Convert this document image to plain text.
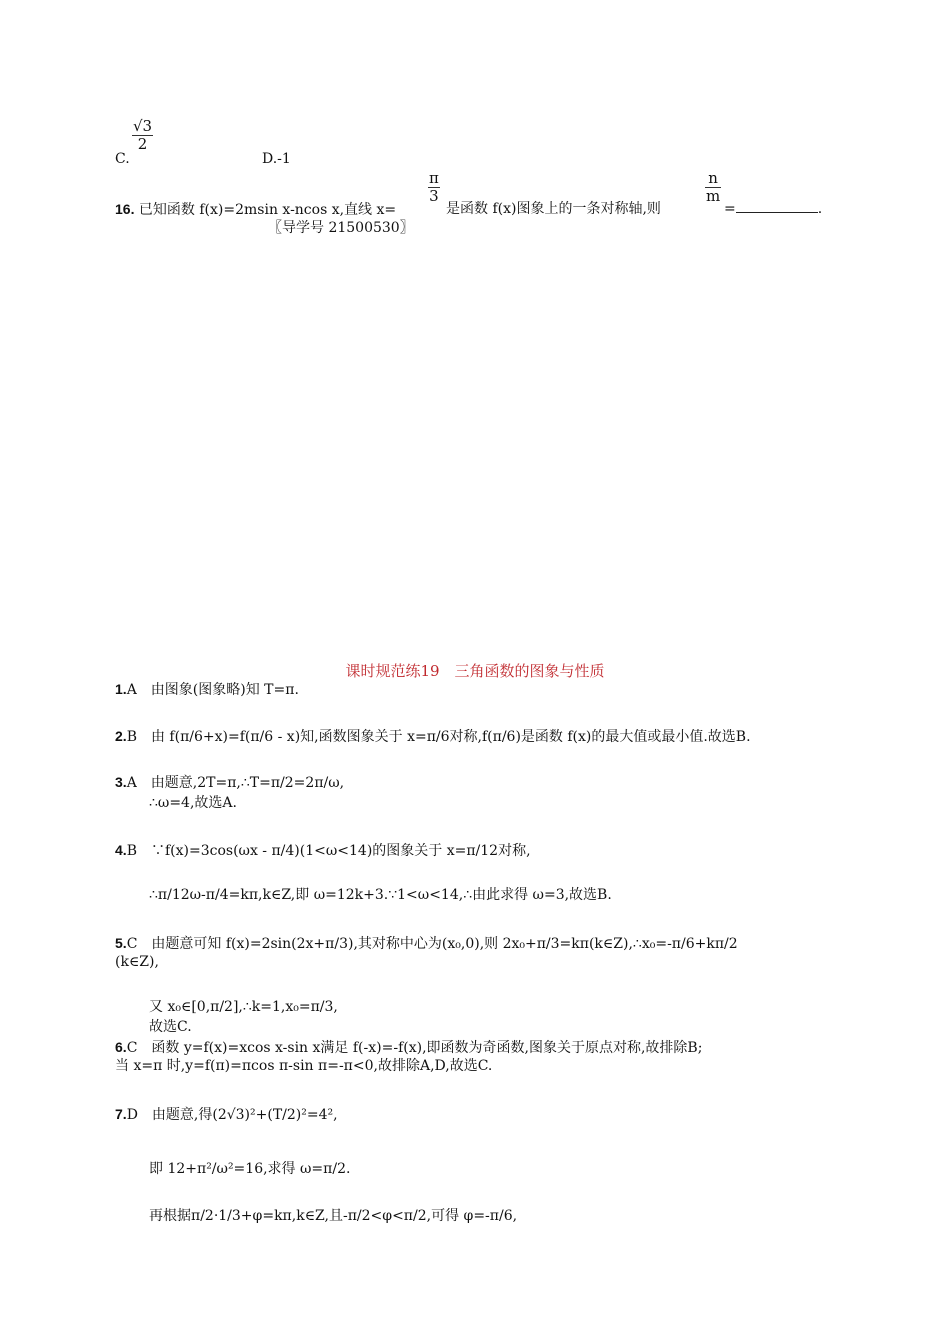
C.
$\frac{√3}{2}$
D.-1
16. 已知函数 f(x)=2msin x-ncos x,直线 x=
$\frac{\pi}{3}$
是函数 f(x)图象上的一条对称轴,则
$\frac{n}{m}$
=	.
〖导学号 21500530〗
课时规范练19　三角函数的图象与性质
1.A　由图象(图象略)知 T=π.
2.B　由 f(π/6+x)=f(π/6 - x)知,函数图象关于 x=π/6对称,f(π/6)是函数 f(x)的最大值或最小值.故选B.
3.A　由题意,2T=π,∴T=π/2=2π/ω,
∴ω=4,故选A.
4.B　∵f(x)=3cos(ωx - π/4)(1<ω<14)的图象关于 x=π/12对称,
∴π/12ω-π/4=kπ,k∈Z,即 ω=12k+3.∵1<ω<14,∴由此求得 ω=3,故选B.
5.C　由题意可知 f(x)=2sin(2x+π/3),其对称中心为(x₀,0),则 2x₀+π/3=kπ(k∈Z),∴x₀=-π/6+kπ/2
(k∈Z),
又 x₀∈[0,π/2],∴k=1,x₀=π/3,
故选C.
6.C　函数 y=f(x)=xcos x-sin x满足 f(-x)=-f(x),即函数为奇函数,图象关于原点对称,故排除B;
当 x=π 时,y=f(π)=πcos π-sin π=-π<0,故排除A,D,故选C.
7.D　由题意,得(2√3)²+(T/2)²=4²,
即 12+π²/ω²=16,求得 ω=π/2.
再根据π/2·1/3+φ=kπ,k∈Z,且-π/2<φ<π/2,可得 φ=-π/6,
